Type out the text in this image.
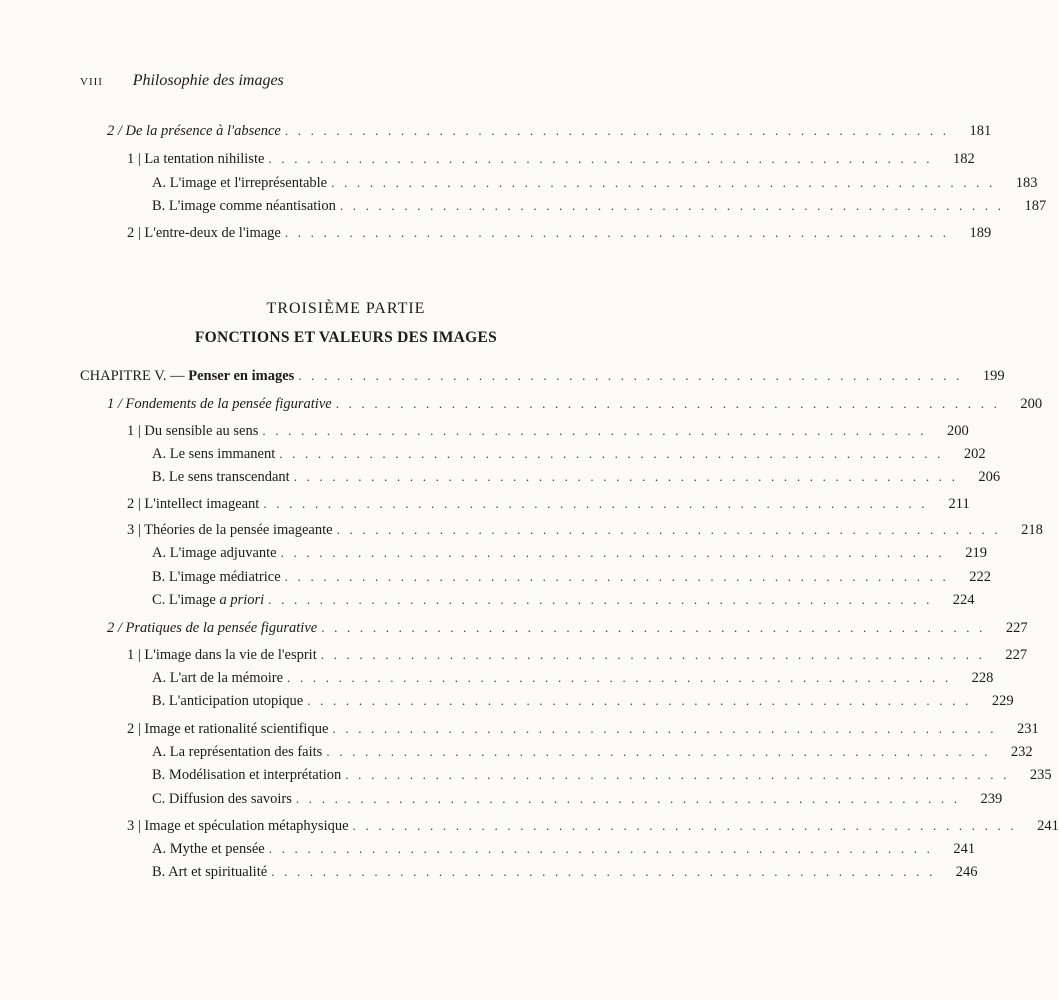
VIII Philosophie des images
2 / De la présence à l'absence . . . . . . . . . . . . . . . . . . . . . . . . . . . . . . . . . . . . . . . . . . . . . . . . . . . .	181
1 | La tentation nihiliste . . . . . . . . . . . . . . . . . . . . . . . . . . . . . . . . . . . . . . . . . . . . . . . . . . . .	182
A. L'image et l'irreprésentable . . . . . . . . . . . . . . . . . . . . . . . . . . . . . . . . . . . . . . . . . . . . . . . . . . . .	183
B. L'image comme néantisation . . . . . . . . . . . . . . . . . . . . . . . . . . . . . . . . . . . . . . . . . . . . . . . . . . . .	187
2 | L'entre-deux de l'image . . . . . . . . . . . . . . . . . . . . . . . . . . . . . . . . . . . . . . . . . . . . . . . . . . . .	189
TROISIÈME PARTIE
FONCTIONS ET VALEURS DES IMAGES
CHAPITRE V. — Penser en images . . . . . . . . . . . . . . . . . . . . . . . . . . . . . . . . . . . . . . . . . . . . . . . . . . . .	199
1 / Fondements de la pensée figurative . . . . . . . . . . . . . . . . . . . . . . . . . . . . . . . . . . . . . . . . . . . . . . . . . . . .	200
1 | Du sensible au sens . . . . . . . . . . . . . . . . . . . . . . . . . . . . . . . . . . . . . . . . . . . . . . . . . . . .	200
A. Le sens immanent . . . . . . . . . . . . . . . . . . . . . . . . . . . . . . . . . . . . . . . . . . . . . . . . . . . .	202
B. Le sens transcendant . . . . . . . . . . . . . . . . . . . . . . . . . . . . . . . . . . . . . . . . . . . . . . . . . . . .	206
2 | L'intellect imageant . . . . . . . . . . . . . . . . . . . . . . . . . . . . . . . . . . . . . . . . . . . . . . . . . . . .	211
3 | Théories de la pensée imageante . . . . . . . . . . . . . . . . . . . . . . . . . . . . . . . . . . . . . . . . . . . . . . . . . . . .	218
A. L'image adjuvante . . . . . . . . . . . . . . . . . . . . . . . . . . . . . . . . . . . . . . . . . . . . . . . . . . . .	219
B. L'image médiatrice . . . . . . . . . . . . . . . . . . . . . . . . . . . . . . . . . . . . . . . . . . . . . . . . . . . .	222
C. L'image a priori . . . . . . . . . . . . . . . . . . . . . . . . . . . . . . . . . . . . . . . . . . . . . . . . . . . .	224
2 / Pratiques de la pensée figurative . . . . . . . . . . . . . . . . . . . . . . . . . . . . . . . . . . . . . . . . . . . . . . . . . . . .	227
1 | L'image dans la vie de l'esprit . . . . . . . . . . . . . . . . . . . . . . . . . . . . . . . . . . . . . . . . . . . . . . . . . . . .	227
A. L'art de la mémoire . . . . . . . . . . . . . . . . . . . . . . . . . . . . . . . . . . . . . . . . . . . . . . . . . . . .	228
B. L'anticipation utopique . . . . . . . . . . . . . . . . . . . . . . . . . . . . . . . . . . . . . . . . . . . . . . . . . . . .	229
2 | Image et rationalité scientifique . . . . . . . . . . . . . . . . . . . . . . . . . . . . . . . . . . . . . . . . . . . . . . . . . . . .	231
A. La représentation des faits . . . . . . . . . . . . . . . . . . . . . . . . . . . . . . . . . . . . . . . . . . . . . . . . . . . .	232
B. Modélisation et interprétation . . . . . . . . . . . . . . . . . . . . . . . . . . . . . . . . . . . . . . . . . . . . . . . . . . . .	235
C. Diffusion des savoirs . . . . . . . . . . . . . . . . . . . . . . . . . . . . . . . . . . . . . . . . . . . . . . . . . . . .	239
3 | Image et spéculation métaphysique . . . . . . . . . . . . . . . . . . . . . . . . . . . . . . . . . . . . . . . . . . . . . . . . . . . .	241
A. Mythe et pensée . . . . . . . . . . . . . . . . . . . . . . . . . . . . . . . . . . . . . . . . . . . . . . . . . . . .	241
B. Art et spiritualité . . . . . . . . . . . . . . . . . . . . . . . . . . . . . . . . . . . . . . . . . . . . . . . . . . . .	246
